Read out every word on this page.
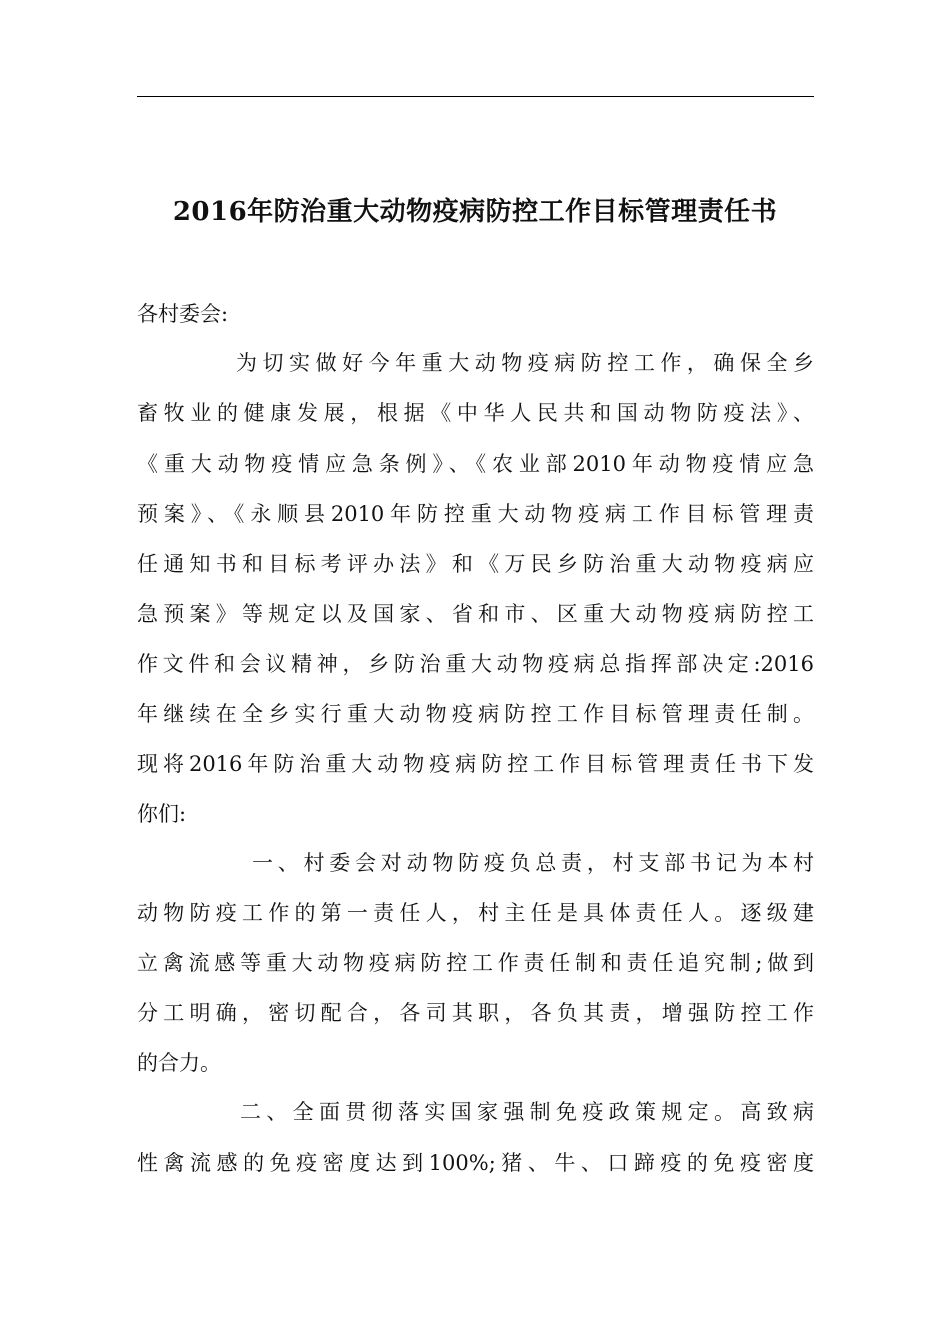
2016年防治重大动物疫病防控工作目标管理责任书
各村委会:
为切实做好今年重大动物疫病防控工作，确保全乡
畜牧业的健康发展，根据《中华人民共和国动物防疫法》、
《重大动物疫情应急条例》、《农业部2010年动物疫情应急
预案》、《永顺县2010年防控重大动物疫病工作目标管理责
任通知书和目标考评办法》和《万民乡防治重大动物疫病应
急预案》等规定以及国家、省和市、区重大动物疫病防控工
作文件和会议精神，乡防治重大动物疫病总指挥部决定:2016
年继续在全乡实行重大动物疫病防控工作目标管理责任制。
现将2016年防治重大动物疫病防控工作目标管理责任书下发
你们:
一、村委会对动物防疫负总责，村支部书记为本村
动物防疫工作的第一责任人，村主任是具体责任人。逐级建
立禽流感等重大动物疫病防控工作责任制和责任追究制;做到
分工明确，密切配合，各司其职，各负其责，增强防控工作
的合力。
二、全面贯彻落实国家强制免疫政策规定。高致病
性禽流感的免疫密度达到100%;猪、牛、口蹄疫的免疫密度
